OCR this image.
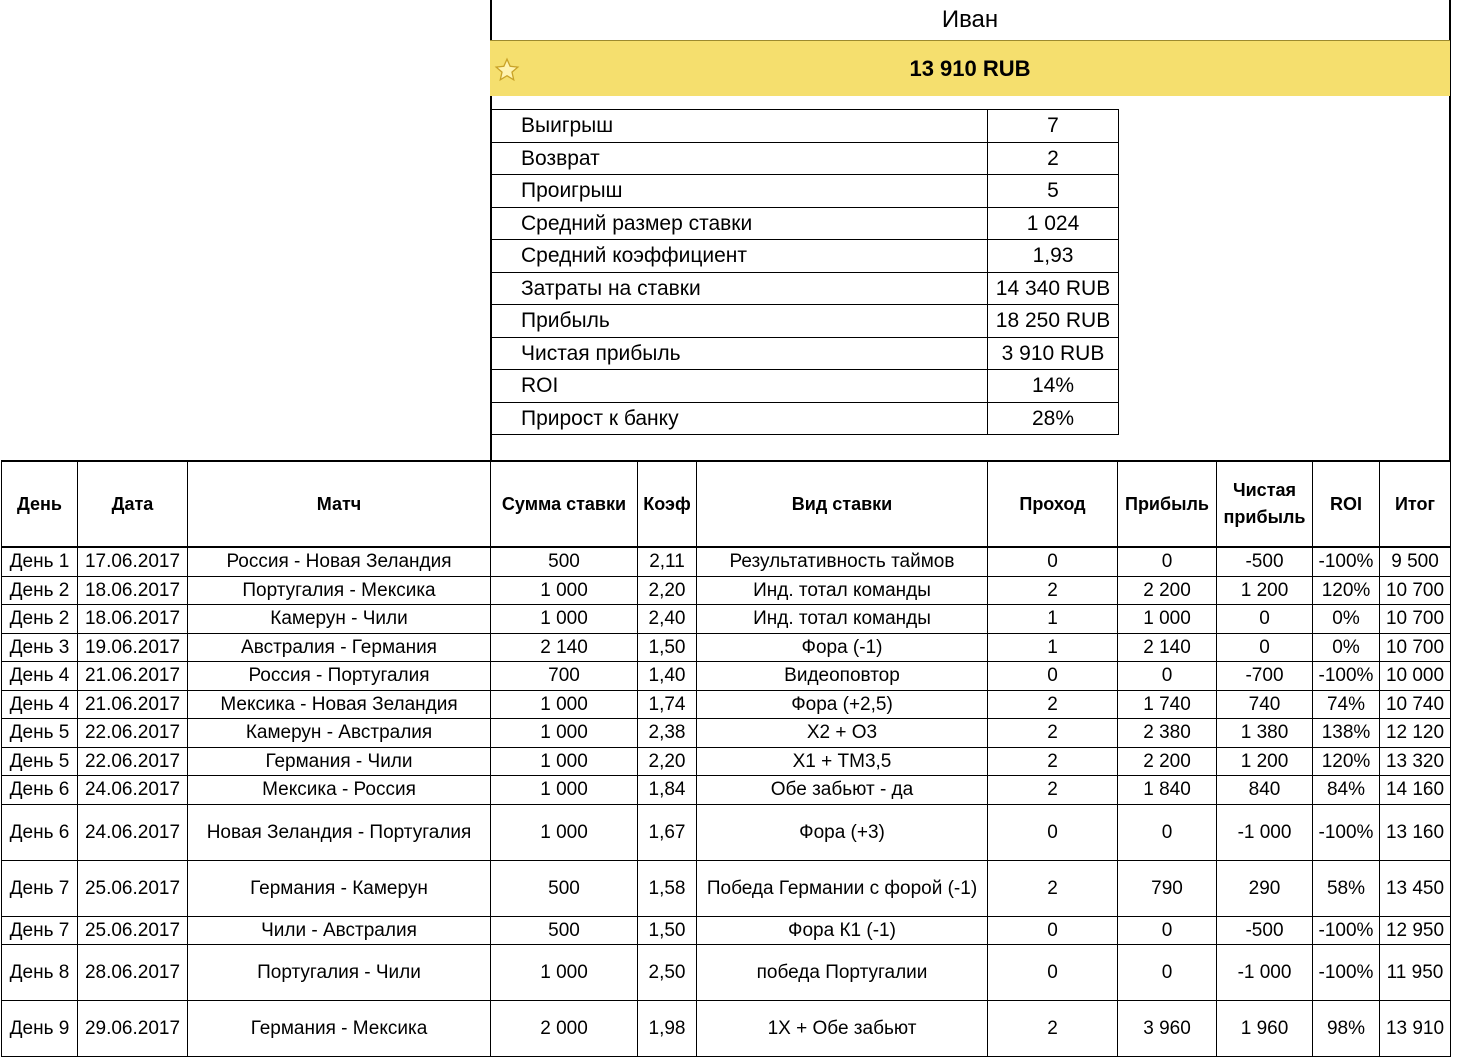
Иван
13 910 RUB
Выигрыш	7
Возврат	2
Проигрыш	5
Средний размер ставки	1 024
Средний коэффициент	1,93
Затраты на ставки	14 340 RUB
Прибыль	18 250 RUB
Чистая прибыль	3 910 RUB
ROI	14%
Прирост к банку	28%
День	Дата	Матч	Сумма ставки	Коэф	Вид ставки	Проход	Прибыль	Чистая прибыль	ROI	Итог
День 1	17.06.2017	Россия - Новая Зеландия	500	2,11	Результативность таймов	0	0	-500	-100%	9 500
День 2	18.06.2017	Португалия - Мексика	1 000	2,20	Инд. тотал команды	2	2 200	1 200	120%	10 700
День 2	18.06.2017	Камерун - Чили	1 000	2,40	Инд. тотал команды	1	1 000	0	0%	10 700
День 3	19.06.2017	Австралия - Германия	2 140	1,50	Фора (-1)	1	2 140	0	0%	10 700
День 4	21.06.2017	Россия - Португалия	700	1,40	Видеоповтор	0	0	-700	-100%	10 000
День 4	21.06.2017	Мексика - Новая Зеландия	1 000	1,74	Фора (+2,5)	2	1 740	740	74%	10 740
День 5	22.06.2017	Камерун - Австралия	1 000	2,38	Х2 + О3	2	2 380	1 380	138%	12 120
День 5	22.06.2017	Германия - Чили	1 000	2,20	Х1 + ТМ3,5	2	2 200	1 200	120%	13 320
День 6	24.06.2017	Мексика - Россия	1 000	1,84	Обе забьют - да	2	1 840	840	84%	14 160
День 6	24.06.2017	Новая Зеландия - Португалия	1 000	1,67	Фора (+3)	0	0	-1 000	-100%	13 160
День 7	25.06.2017	Германия - Камерун	500	1,58	Победа Германии с форой (-1)	2	790	290	58%	13 450
День 7	25.06.2017	Чили - Австралия	500	1,50	Фора К1 (-1)	0	0	-500	-100%	12 950
День 8	28.06.2017	Португалия - Чили	1 000	2,50	победа Португалии	0	0	-1 000	-100%	11 950
День 9	29.06.2017	Германия - Мексика	2 000	1,98	1Х + Обе забьют	2	3 960	1 960	98%	13 910
